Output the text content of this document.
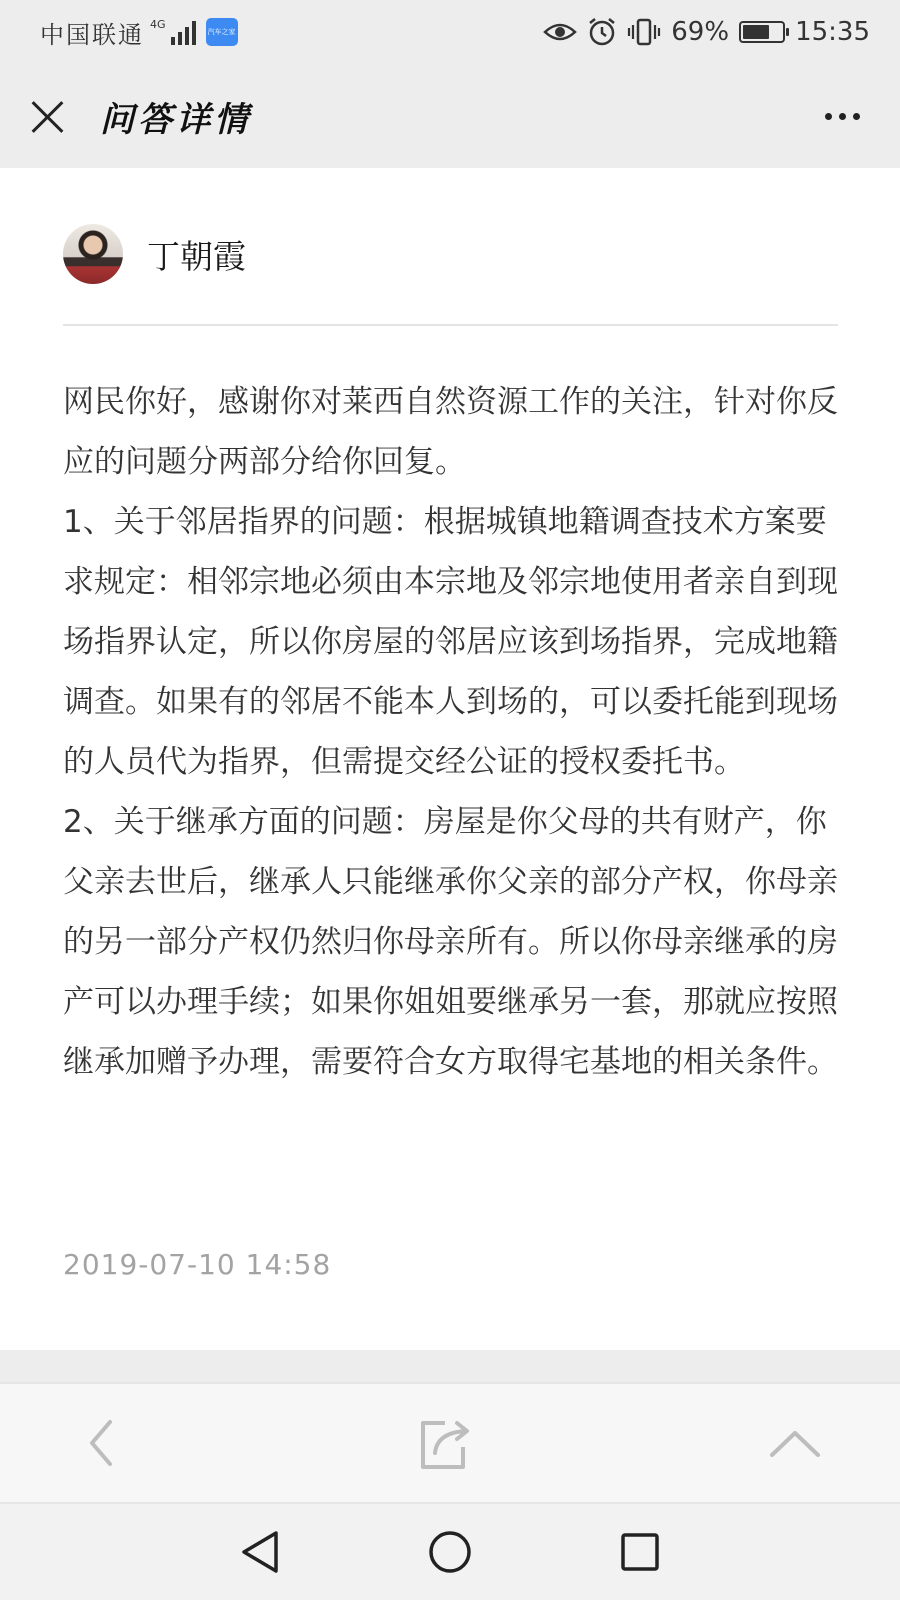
中国联通 4G
汽车之家	69%	15:35
问答详情
丁朝霞

网民你好，感谢你对莱西自然资源工作的关注，针对你反应的问题分两部分给你回复。

1、关于邻居指界的问题：根据城镇地籍调查技术方案要求规定：相邻宗地必须由本宗地及邻宗地使用者亲自到现场指界认定，所以你房屋的邻居应该到场指界，完成地籍调查。如果有的邻居不能本人到场的，可以委托能到现场的人员代为指界，但需提交经公证的授权委托书。

2、关于继承方面的问题：房屋是你父母的共有财产，你父亲去世后，继承人只能继承你父亲的部分产权，你母亲的另一部分产权仍然归你母亲所有。所以你母亲继承的房产可以办理手续；如果你姐姐要继承另一套，那就应按照继承加赠予办理，需要符合女方取得宅基地的相关条件。

2019-07-10 14:58
